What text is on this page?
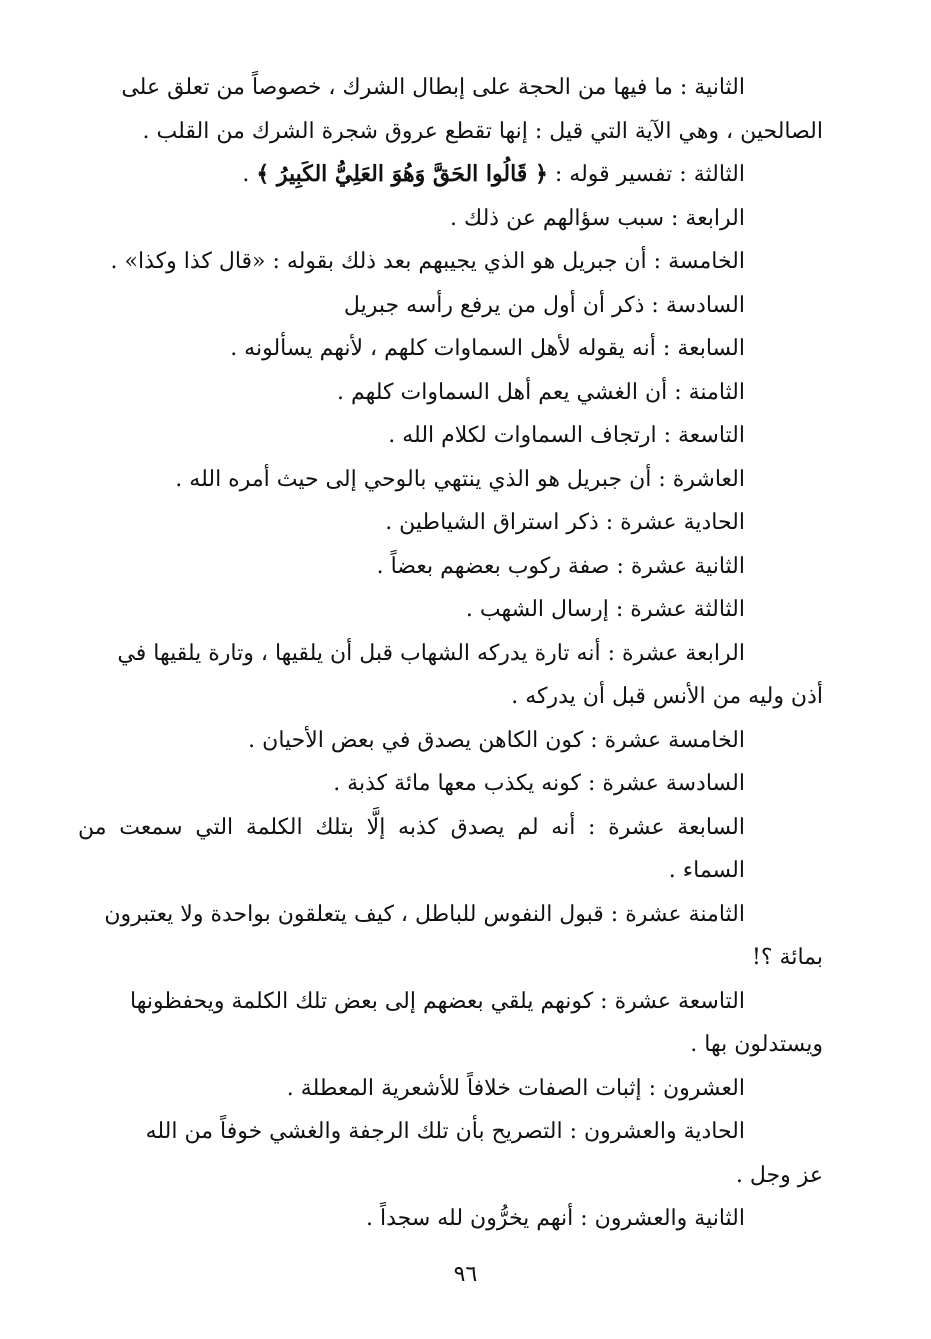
الثانية : ما فيها من الحجة على إبطال الشرك ، خصوصاً من تعلق على

الصالحين ، وهي الآية التي قيل : إنها تقطع عروق شجرة الشرك من القلب .

الثالثة : تفسير قوله : ﴿ قَالُوا الحَقَّ وَهُوَ العَلِيُّ الكَبِيرُ ﴾ .

الرابعة : سبب سؤالهم عن ذلك .

الخامسة : أن جبريل هو الذي يجيبهم بعد ذلك بقوله : «قال كذا وكذا» .

السادسة : ذكر أن أول من يرفع رأسه جبريل

السابعة : أنه يقوله لأهل السماوات كلهم ، لأنهم يسألونه .

الثامنة : أن الغشي يعم أهل السماوات كلهم .

التاسعة : ارتجاف السماوات لكلام الله .

العاشرة : أن جبريل هو الذي ينتهي بالوحي إلى حيث أمره الله .

الحادية عشرة : ذكر استراق الشياطين .

الثانية عشرة : صفة ركوب بعضهم بعضاً .

الثالثة عشرة : إرسال الشهب .

الرابعة عشرة : أنه تارة يدركه الشهاب قبل أن يلقيها ، وتارة يلقيها في

أذن وليه من الأنس قبل أن يدركه .

الخامسة عشرة : كون الكاهن يصدق في بعض الأحيان .

السادسة عشرة : كونه يكذب معها مائة كذبة .

السابعة عشرة : أنه لم يصدق كذبه إلَّا بتلك الكلمة التي سمعت من السماء .

الثامنة عشرة : قبول النفوس للباطل ، كيف يتعلقون بواحدة ولا يعتبرون

بمائة ؟!

التاسعة عشرة : كونهم يلقي بعضهم إلى بعض تلك الكلمة ويحفظونها

ويستدلون بها .

العشرون : إثبات الصفات خلافاً للأشعرية المعطلة .

الحادية والعشرون : التصريح بأن تلك الرجفة والغشي خوفاً من الله

عز وجل .

الثانية والعشرون : أنهم يخرُّون لله سجداً .

٩٦
